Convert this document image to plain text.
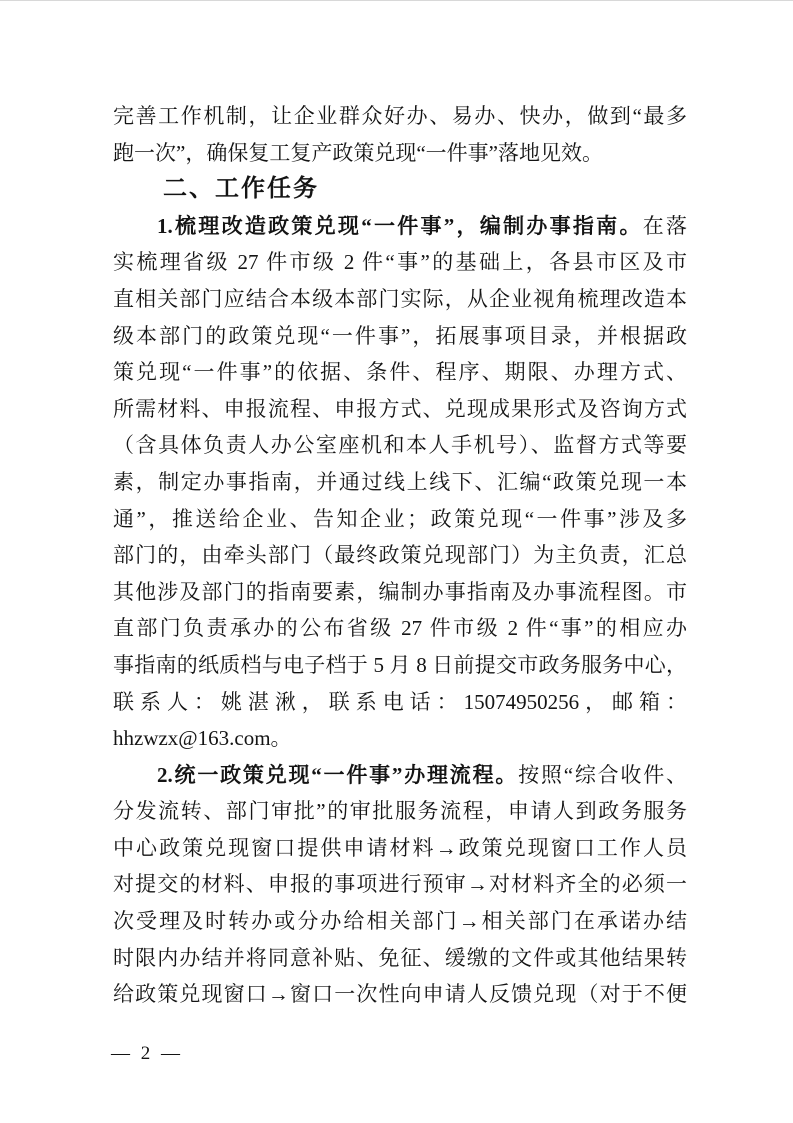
完善工作机制，让企业群众好办、易办、快办，做到“最多
跑一次”，确保复工复产政策兑现“一件事”落地见效。
二、工作任务
1.梳理改造政策兑现“一件事”，编制办事指南。在落
实梳理省级 27 件市级 2 件“事”的基础上，各县市区及市
直相关部门应结合本级本部门实际，从企业视角梳理改造本
级本部门的政策兑现“一件事”，拓展事项目录，并根据政
策兑现“一件事”的依据、条件、程序、期限、办理方式、
所需材料、申报流程、申报方式、兑现成果形式及咨询方式
（含具体负责人办公室座机和本人手机号）、监督方式等要
素，制定办事指南，并通过线上线下、汇编“政策兑现一本
通”，推送给企业、告知企业；政策兑现“一件事”涉及多
部门的，由牵头部门（最终政策兑现部门）为主负责，汇总
其他涉及部门的指南要素，编制办事指南及办事流程图。市
直部门负责承办的公布省级 27 件市级 2 件“事”的相应办
事指南的纸质档与电子档于 5 月 8 日前提交市政务服务中心，
联系人：姚湛湫，联系电话：15074950256，邮箱：
hhzwzx@163.com。
2.统一政策兑现“一件事”办理流程。按照“综合收件、
分发流转、部门审批”的审批服务流程，申请人到政务服务
中心政策兑现窗口提供申请材料→政策兑现窗口工作人员
对提交的材料、申报的事项进行预审→对材料齐全的必须一
次受理及时转办或分办给相关部门→相关部门在承诺办结
时限内办结并将同意补贴、免征、缓缴的文件或其他结果转
给政策兑现窗口→窗口一次性向申请人反馈兑现（对于不便
— 2 —
